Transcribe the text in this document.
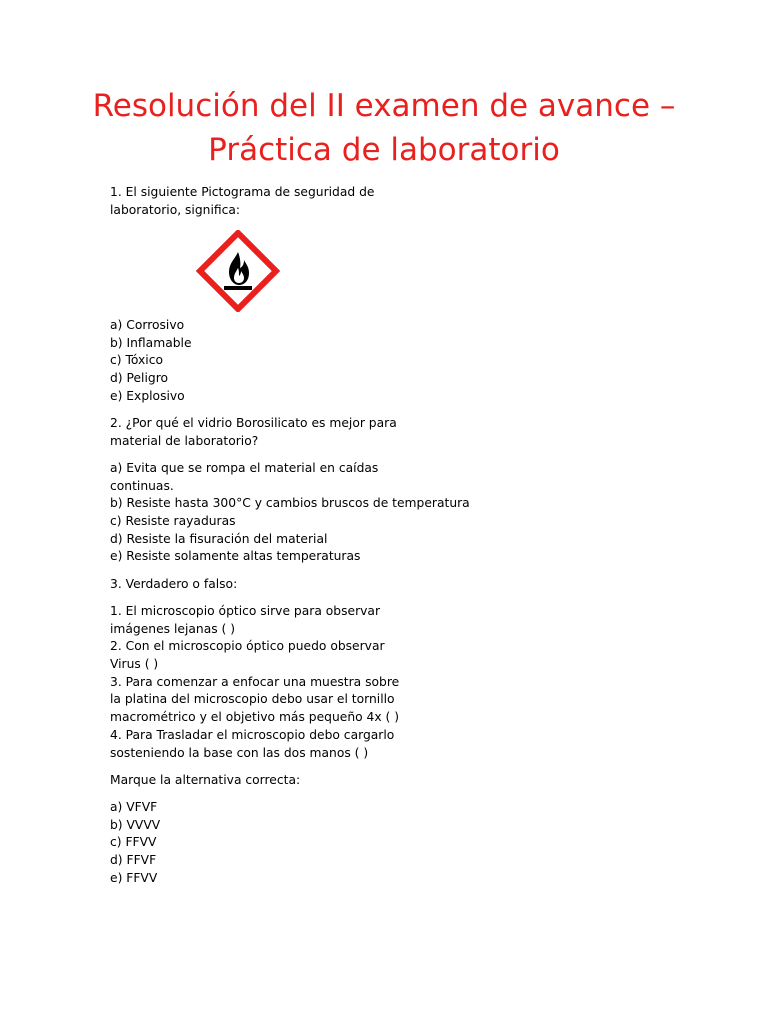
Resolución del II examen de avance –
Práctica de laboratorio
1. El siguiente Pictograma de seguridad de
laboratorio, significa:
a) Corrosivo
b) Inflamable
c) Tóxico
d) Peligro
e) Explosivo
2. ¿Por qué el vidrio Borosilicato es mejor para
material de laboratorio?
a) Evita que se rompa el material en caídas
continuas.
b) Resiste hasta 300°C y cambios bruscos de temperatura
c) Resiste rayaduras
d) Resiste la fisuración del material
e) Resiste solamente altas temperaturas
3. Verdadero o falso:
1. El microscopio óptico sirve para observar
imágenes lejanas ( )
2. Con el microscopio óptico puedo observar
Virus ( )
3. Para comenzar a enfocar una muestra sobre
la platina del microscopio debo usar el tornillo
macrométrico y el objetivo más pequeño 4x ( )
4. Para Trasladar el microscopio debo cargarlo
sosteniendo la base con las dos manos ( )
Marque la alternativa correcta:
a) VFVF
b) VVVV
c) FFVV
d) FFVF
e) FFVV
